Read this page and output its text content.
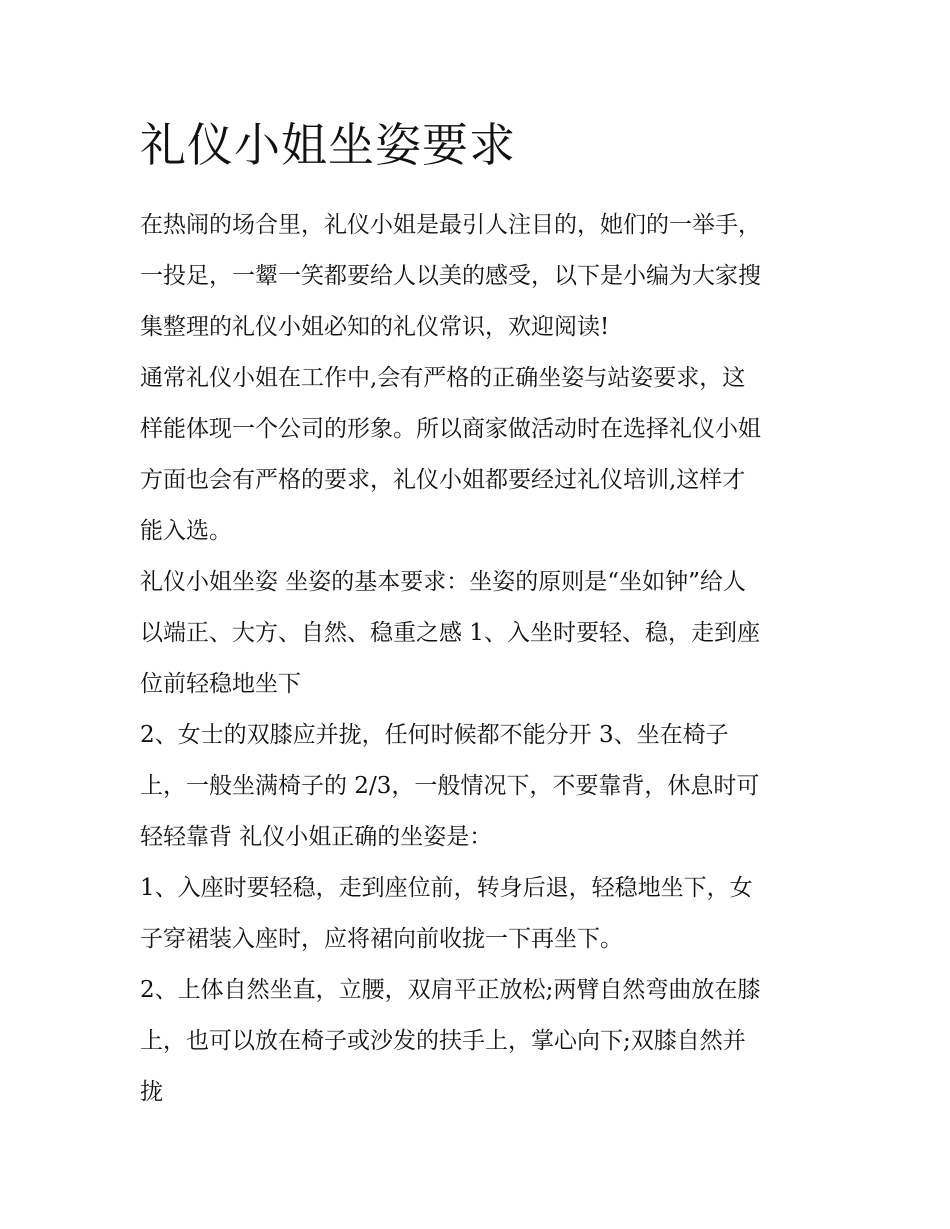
礼仪小姐坐姿要求
在热闹的场合里，礼仪小姐是最引人注目的，她们的一举手，
一投足，一颦一笑都要给人以美的感受，以下是小编为大家搜
集整理的礼仪小姐必知的礼仪常识，欢迎阅读!
通常礼仪小姐在工作中,会有严格的正确坐姿与站姿要求，这
样能体现一个公司的形象。所以商家做活动时在选择礼仪小姐
方面也会有严格的要求，礼仪小姐都要经过礼仪培训,这样才
能入选。
礼仪小姐坐姿 坐姿的基本要求：坐姿的原则是“坐如钟”给人
以端正、大方、自然、稳重之感 1、入坐时要轻、稳，走到座
位前轻稳地坐下
2、女士的双膝应并拢，任何时候都不能分开 3、坐在椅子
上，一般坐满椅子的 2/3，一般情况下，不要靠背，休息时可
轻轻靠背 礼仪小姐正确的坐姿是：
1、入座时要轻稳，走到座位前，转身后退，轻稳地坐下，女
子穿裙装入座时，应将裙向前收拢一下再坐下。
2、上体自然坐直，立腰，双肩平正放松;两臂自然弯曲放在膝
上，也可以放在椅子或沙发的扶手上，掌心向下;双膝自然并
拢
